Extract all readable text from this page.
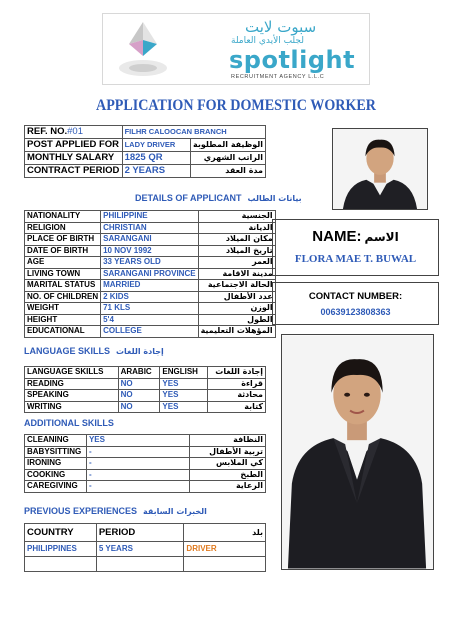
سبوت لايت
لجلب الأيدي العاملة
spotlight
RECRUITMENT AGENCY L.L.C
APPLICATION FOR DOMESTIC WORKER
REF. NO.#01	FILHR CALOOCAN BRANCH	
POST APPLIED FOR	LADY DRIVER	الوظيفة المطلوبة
MONTHLY SALARY	1825 QR	الراتب الشهري
CONTRACT PERIOD	2 YEARS	مدة العقد
DETAILS OF APPLICANT بيانات الطالب
NATIONALITY	PHILIPPINE	الجنسية
RELIGION	CHRISTIAN	الديانة
PLACE OF BIRTH	SARANGANI	مكان الميلاد
DATE OF BIRTH	10 NOV 1992	تاريخ الميلاد
AGE	33 YEARS OLD	العمر
LIVING TOWN	SARANGANI PROVINCE	مدينة الاقامة
MARITAL STATUS	MARRIED	الحالة الاجتماعية
NO. OF CHILDREN	2 KIDS	عدد الأطفال
WEIGHT	71 KLS	الوزن
HEIGHT	5'4	الطول
EDUCATIONAL	COLLEGE	المؤهلات التعليمية
NAME: الاسم
FLORA MAE T. BUWAL
CONTACT NUMBER:
00639123808363
LANGUAGE SKILLS إجادة اللغات
LANGUAGE SKILLS	ARABIC	ENGLISH	إجادة اللغات
READING	NO	YES	قراءة
SPEAKING	NO	YES	محادثة
WRITING	NO	YES	كتابة
ADDITIONAL SKILLS
CLEANING	YES	النظافة
BABYSITTING	-	تربية الأطفال
IRONING	-	كي الملابس
COOKING	-	الطبخ
CAREGIVING	-	الرعاية
PREVIOUS EXPERIENCES الخبرات السابقة
COUNTRY	PERIOD	بلد
PHILIPPINES	5 YEARS	DRIVER
